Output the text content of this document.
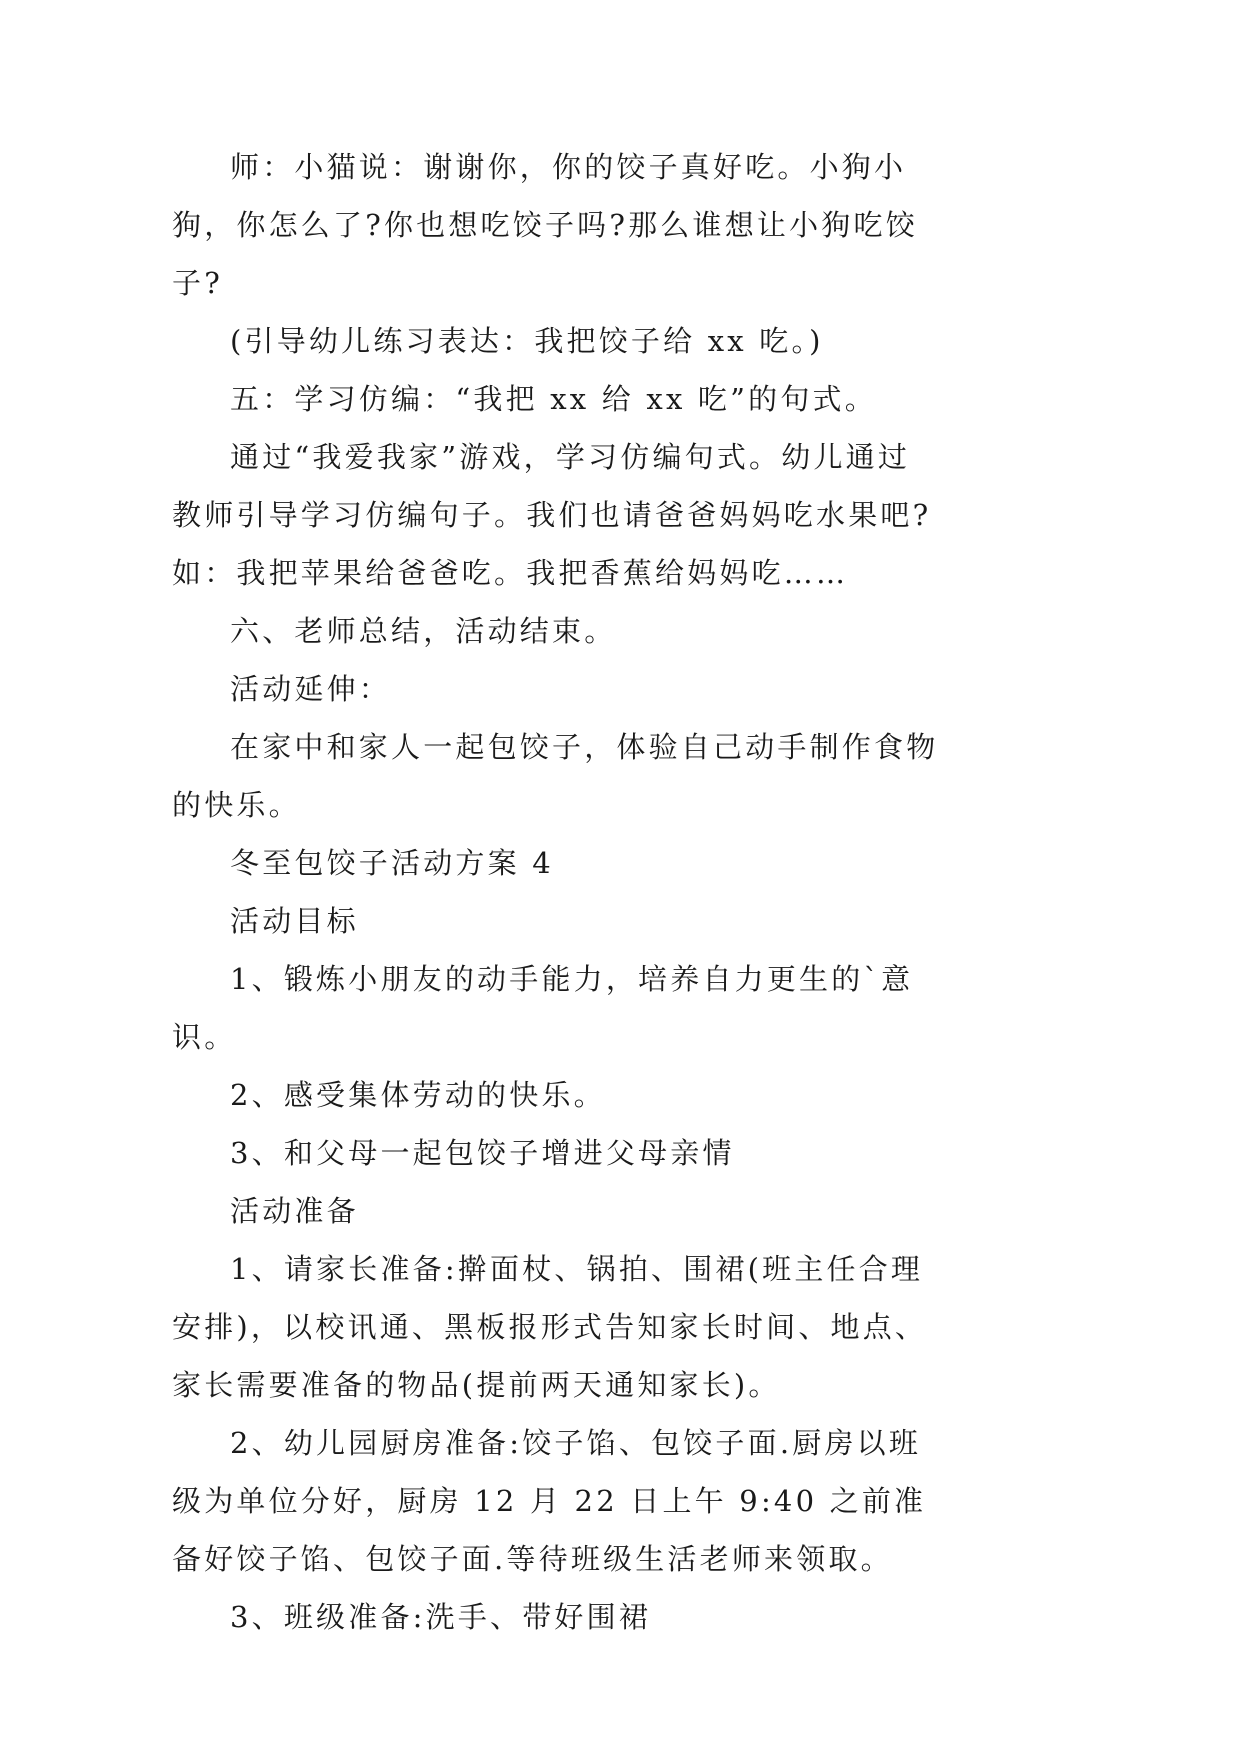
师：小猫说：谢谢你，你的饺子真好吃。小狗小狗，你怎么了?你也想吃饺子吗?那么谁想让小狗吃饺子?

(引导幼儿练习表达：我把饺子给 xx 吃。)

五：学习仿编：“我把 xx 给 xx 吃”的句式。

通过“我爱我家”游戏，学习仿编句式。幼儿通过教师引导学习仿编句子。我们也请爸爸妈妈吃水果吧?如：我把苹果给爸爸吃。我把香蕉给妈妈吃……

六、老师总结，活动结束。

活动延伸：

在家中和家人一起包饺子，体验自己动手制作食物的快乐。

冬至包饺子活动方案 4

活动目标

1、锻炼小朋友的动手能力，培养自力更生的`意识。

2、感受集体劳动的快乐。

3、和父母一起包饺子增进父母亲情

活动准备

1、请家长准备:擀面杖、锅拍、围裙(班主任合理安排)，以校讯通、黑板报形式告知家长时间、地点、家长需要准备的物品(提前两天通知家长)。

2、幼儿园厨房准备:饺子馅、包饺子面.厨房以班级为单位分好，厨房 12 月 22 日上午 9:40 之前准备好饺子馅、包饺子面.等待班级生活老师来领取。

3、班级准备:洗手、带好围裙
